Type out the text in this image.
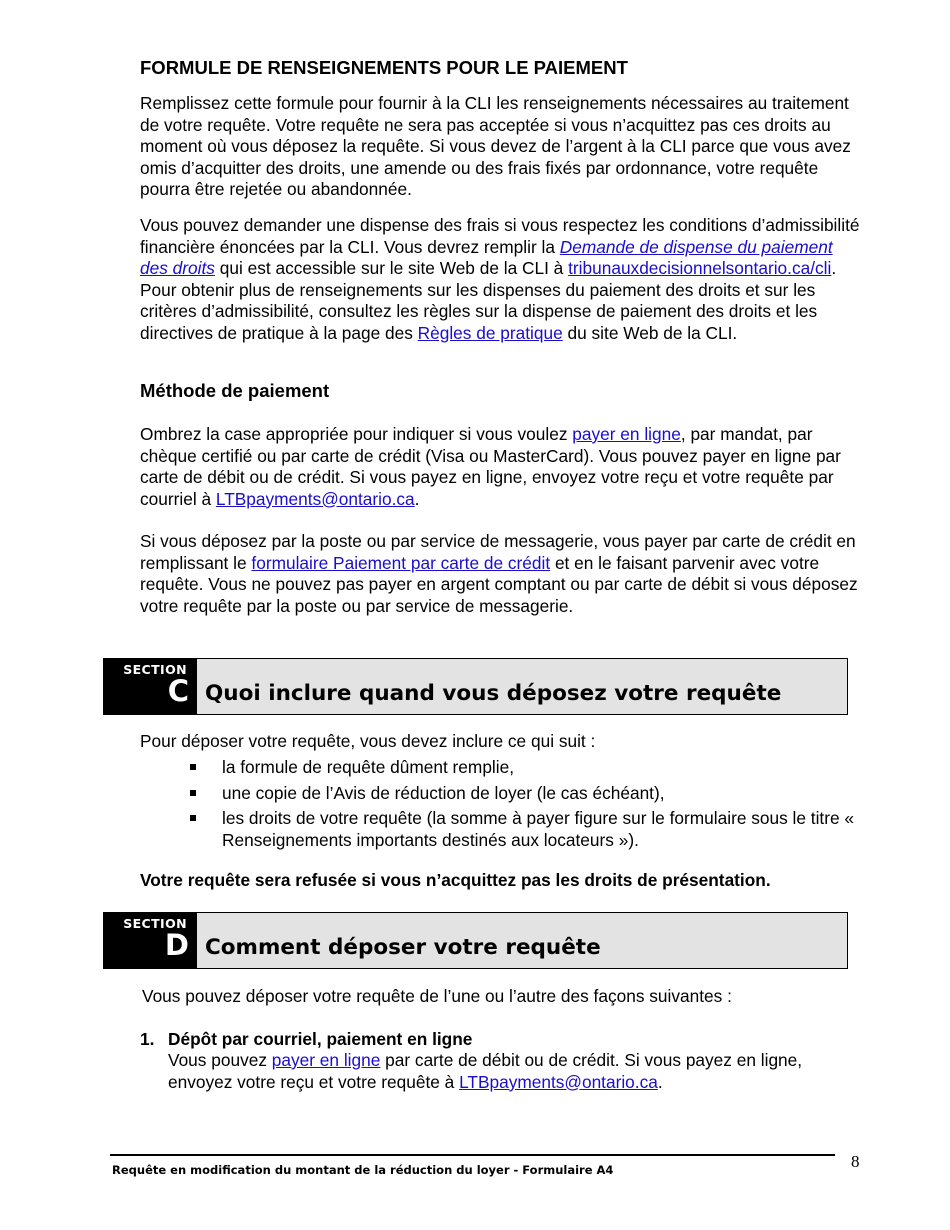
FORMULE DE RENSEIGNEMENTS POUR LE PAIEMENT

Remplissez cette formule pour fournir à la CLI les renseignements nécessaires au traitement de votre requête. Votre requête ne sera pas acceptée si vous n’acquittez pas ces droits au moment où vous déposez la requête. Si vous devez de l’argent à la CLI parce que vous avez omis d’acquitter des droits, une amende ou des frais fixés par ordonnance, votre requête pourra être rejetée ou abandonnée.

Vous pouvez demander une dispense des frais si vous respectez les conditions d’admissibilité financière énoncées par la CLI. Vous devrez remplir la Demande de dispense du paiement des droits qui est accessible sur le site Web de la CLI à tribunauxdecisionnelsontario.ca/cli. Pour obtenir plus de renseignements sur les dispenses du paiement des droits et sur les critères d’admissibilité, consultez les règles sur la dispense de paiement des droits et les directives de pratique à la page des Règles de pratique du site Web de la CLI.

Méthode de paiement

Ombrez la case appropriée pour indiquer si vous voulez payer en ligne, par mandat, par chèque certifié ou par carte de crédit (Visa ou MasterCard). Vous pouvez payer en ligne par carte de débit ou de crédit. Si vous payez en ligne, envoyez votre reçu et votre requête par courriel à LTBpayments@ontario.ca.

Si vous déposez par la poste ou par service de messagerie, vous payer par carte de crédit en remplissant le formulaire Paiement par carte de crédit et en le faisant parvenir avec votre requête. Vous ne pouvez pas payer en argent comptant ou par carte de débit si vous déposez votre requête par la poste ou par service de messagerie.

SECTION
C Quoi inclure quand vous déposez votre requête

Pour déposer votre requête, vous devez inclure ce qui suit :

la formule de requête dûment remplie,
une copie de l’Avis de réduction de loyer (le cas échéant),
les droits de votre requête (la somme à payer figure sur le formulaire sous le titre « Renseignements importants destinés aux locateurs »).

Votre requête sera refusée si vous n’acquittez pas les droits de présentation.

SECTION
D Comment déposer votre requête

Vous pouvez déposer votre requête de l’une ou l’autre des façons suivantes :

1. Dépôt par courriel, paiement en ligne

Vous pouvez payer en ligne par carte de débit ou de crédit. Si vous payez en ligne, envoyez votre reçu et votre requête à LTBpayments@ontario.ca.

8
Requête en modification du montant de la réduction du loyer - Formulaire A4
